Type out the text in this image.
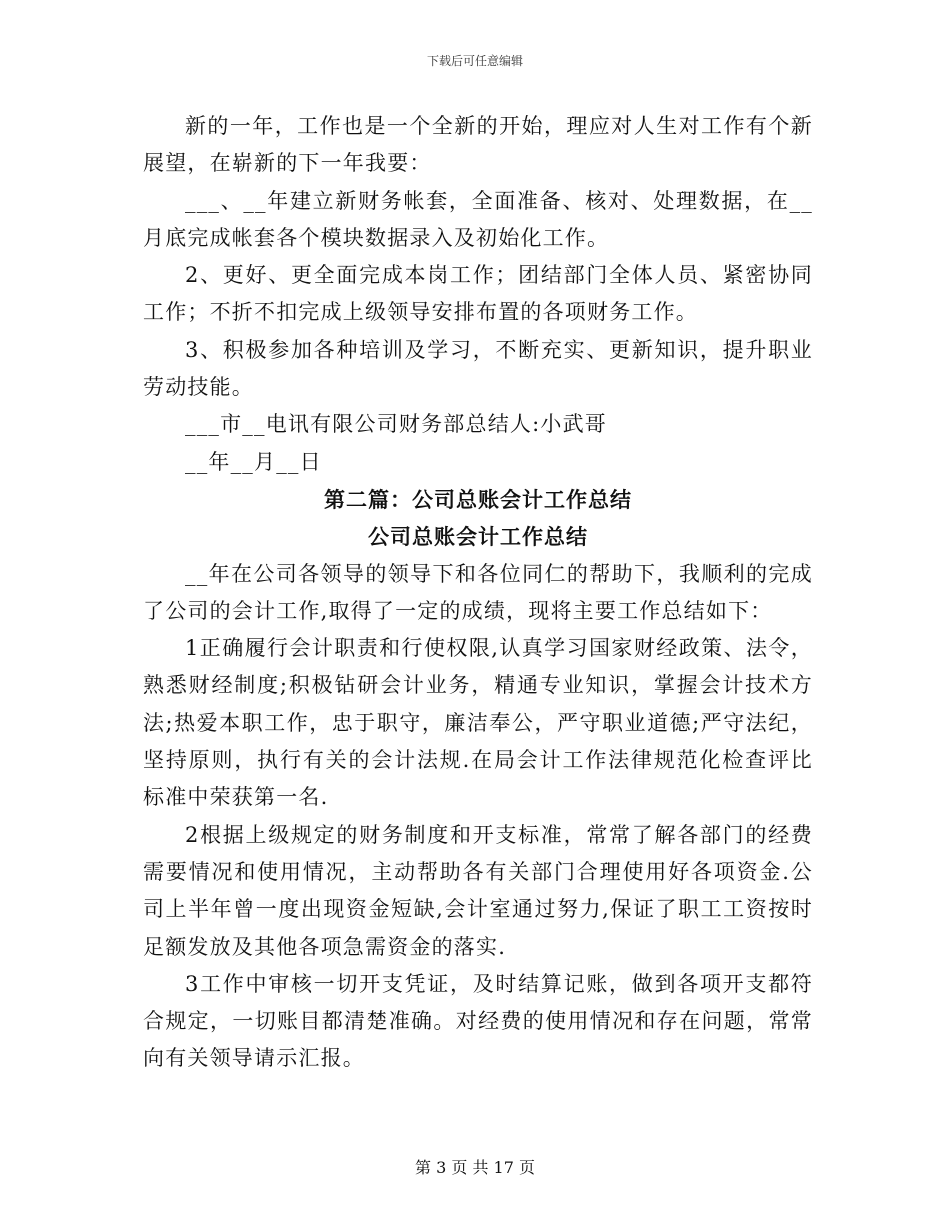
下载后可任意编辑

新的一年，工作也是一个全新的开始，理应对人生对工作有个新展望，在崭新的下一年我要：

___、__年建立新财务帐套，全面准备、核对、处理数据，在__月底完成帐套各个模块数据录入及初始化工作。

2、更好、更全面完成本岗工作；团结部门全体人员、紧密协同工作；不折不扣完成上级领导安排布置的各项财务工作。

3、积极参加各种培训及学习，不断充实、更新知识，提升职业劳动技能。

___市__电讯有限公司财务部总结人:小武哥

__年__月__日

第二篇：公司总账会计工作总结
公司总账会计工作总结

__年在公司各领导的领导下和各位同仁的帮助下，我顺利的完成了公司的会计工作,取得了一定的成绩，现将主要工作总结如下：

1正确履行会计职责和行使权限,认真学习国家财经政策、法令，熟悉财经制度;积极钻研会计业务，精通专业知识，掌握会计技术方法;热爱本职工作，忠于职守，廉洁奉公，严守职业道德;严守法纪，坚持原则，执行有关的会计法规.在局会计工作法律规范化检查评比标准中荣获第一名.

2根据上级规定的财务制度和开支标准，常常了解各部门的经费需要情况和使用情况，主动帮助各有关部门合理使用好各项资金.公司上半年曾一度出现资金短缺,会计室通过努力,保证了职工工资按时足额发放及其他各项急需资金的落实.

3工作中审核一切开支凭证，及时结算记账，做到各项开支都符合规定，一切账目都清楚准确。对经费的使用情况和存在问题，常常向有关领导请示汇报。

第 3 页 共 17 页
